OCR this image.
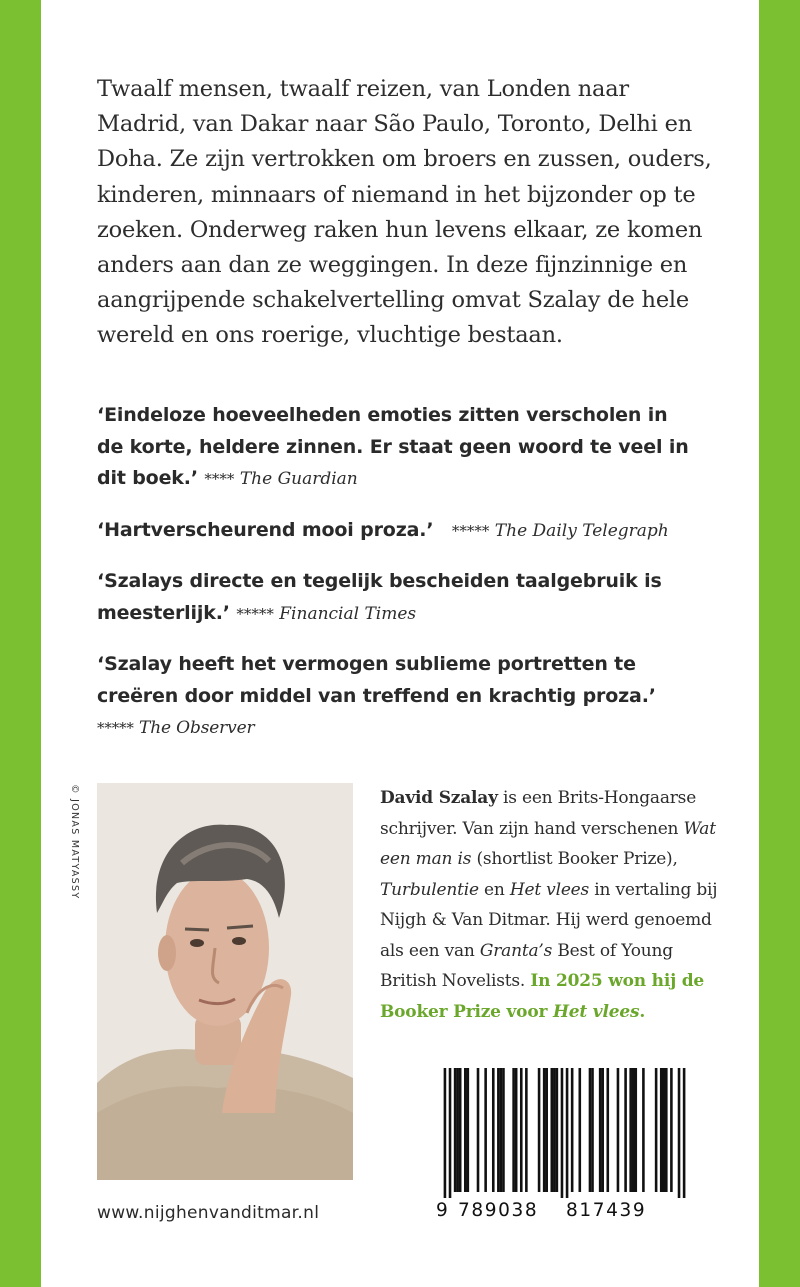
Twaalf mensen, twaalf reizen, van Londen naar
Madrid, van Dakar naar São Paulo, Toronto, Delhi en
Doha. Ze zijn vertrokken om broers en zussen, ouders,
kinderen, minnaars of niemand in het bijzonder op te
zoeken. Onderweg raken hun levens elkaar, ze komen
anders aan dan ze weggingen. In deze fijnzinnige en
aangrijpende schakelvertelling omvat Szalay de hele
wereld en ons roerige, vluchtige bestaan.

‘Eindeloze hoeveelheden emoties zitten verscholen in
de korte, heldere zinnen. Er staat geen woord te veel in
dit boek.’ **** The Guardian

‘Hartverscheurend mooi proza.’ ***** The Daily Telegraph

‘Szalays directe en tegelijk bescheiden taalgebruik is
meesterlijk.’ ***** Financial Times

‘Szalay heeft het vermogen sublieme portretten te
creëren door middel van treffend en krachtig proza.’
***** The Observer

© JONAS MATYASSY	David Szalay is een Brits-Hongaarse schrijver. Van zijn hand verschenen Wat een man is (shortlist Booker Prize), Turbulentie en Het vlees in vertaling bij Nijgh & Van Ditmar. Hij werd genoemd als een van Granta’s Best of Young British Novelists. In 2025 won hij de Booker Prize voor Het vlees.

9 789038 817439
www.nijghenvanditmar.nl
